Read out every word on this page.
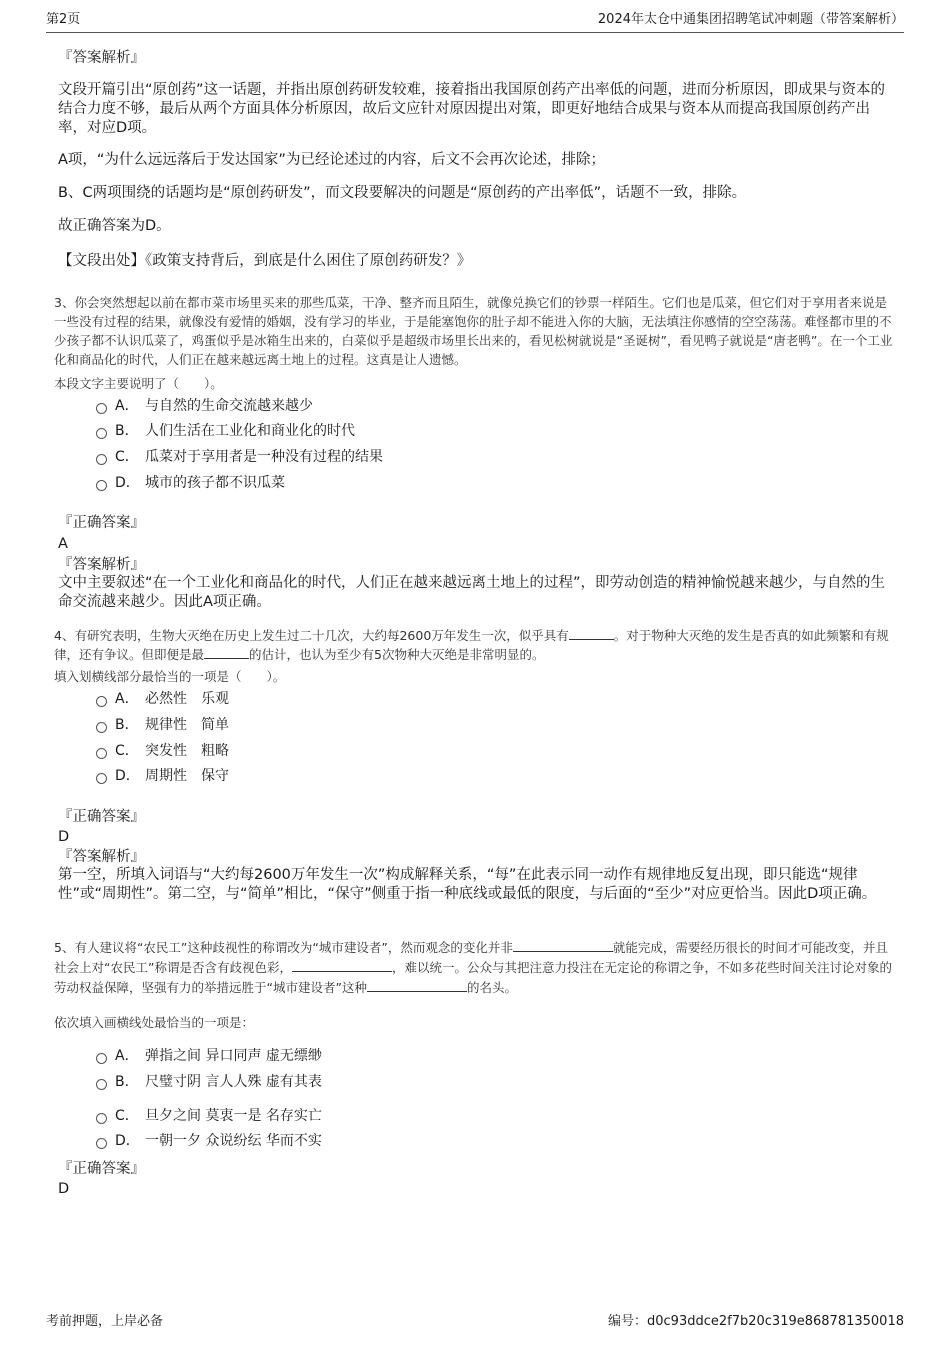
第2页	2024年太仓中通集团招聘笔试冲刺题（带答案解析）
『答案解析』
文段开篇引出“原创药”这一话题，并指出原创药研发较难，接着指出我国原创药产出率低的问题，进而分析原因，即成果与资本的结合力度不够，最后从两个方面具体分析原因，故后文应针对原因提出对策，即更好地结合成果与资本从而提高我国原创药产出率，对应D项。
A项，“为什么远远落后于发达国家”为已经论述过的内容，后文不会再次论述，排除；
B、C两项围绕的话题均是“原创药研发”，而文段要解决的问题是“原创药的产出率低”，话题不一致，排除。
故正确答案为D。
【文段出处】《政策支持背后，到底是什么困住了原创药研发？》
3、你会突然想起以前在都市菜市场里买来的那些瓜菜，干净、整齐而且陌生，就像兑换它们的钞票一样陌生。它们也是瓜菜，但它们对于享用者来说是一些没有过程的结果，就像没有爱情的婚姻，没有学习的毕业，于是能塞饱你的肚子却不能进入你的大脑，无法填注你感情的空空荡荡。难怪都市里的不少孩子都不认识瓜菜了，鸡蛋似乎是冰箱生出来的，白菜似乎是超级市场里长出来的，看见松树就说是“圣诞树”，看见鸭子就说是“唐老鸭”。在一个工业化和商品化的时代，人们正在越来越远离土地上的过程。这真是让人遗憾。
本段文字主要说明了（　　）。
A． 与自然的生命交流越来越少
B． 人们生活在工业化和商业化的时代
C． 瓜菜对于享用者是一种没有过程的结果
D． 城市的孩子都不识瓜菜
『正确答案』
A
『答案解析』
文中主要叙述“在一个工业化和商品化的时代，人们正在越来越远离土地上的过程”，即劳动创造的精神愉悦越来越少，与自然的生命交流越来越少。因此A项正确。
4、有研究表明，生物大灭绝在历史上发生过二十几次，大约每2600万年发生一次，似乎具有	。对于物种大灭绝的发生是否真的如此频繁和有规律，还有争议。但即便是最	的估计，也认为至少有5次物种大灭绝是非常明显的。
填入划横线部分最恰当的一项是（　　）。
A． 必然性 乐观
B． 规律性 简单
C． 突发性 粗略
D． 周期性 保守
『正确答案』
D
『答案解析』
第一空，所填入词语与“大约每2600万年发生一次”构成解释关系，“每”在此表示同一动作有规律地反复出现，即只能选“规律性”或“周期性”。第二空，与“简单”相比，“保守”侧重于指一种底线或最低的限度，与后面的“至少”对应更恰当。因此D项正确。
5、有人建议将“农民工”这种歧视性的称谓改为“城市建设者”，然而观念的变化并非	就能完成，需要经历很长的时间才可能改变，并且社会上对“农民工”称谓是否含有歧视色彩，	，难以统一。公众与其把注意力投注在无定论的称谓之争，不如多花些时间关注讨论对象的劳动权益保障，坚强有力的举措远胜于“城市建设者”这种	的名头。
依次填入画横线处最恰当的一项是：
A． 弹指之间 异口同声 虚无缥缈
B． 尺璧寸阴 言人人殊 虚有其表
C． 旦夕之间 莫衷一是 名存实亡
D． 一朝一夕 众说纷纭 华而不实
『正确答案』
D
考前押题，上岸必备	编号：d0c93ddce2f7b20c319e868781350018
